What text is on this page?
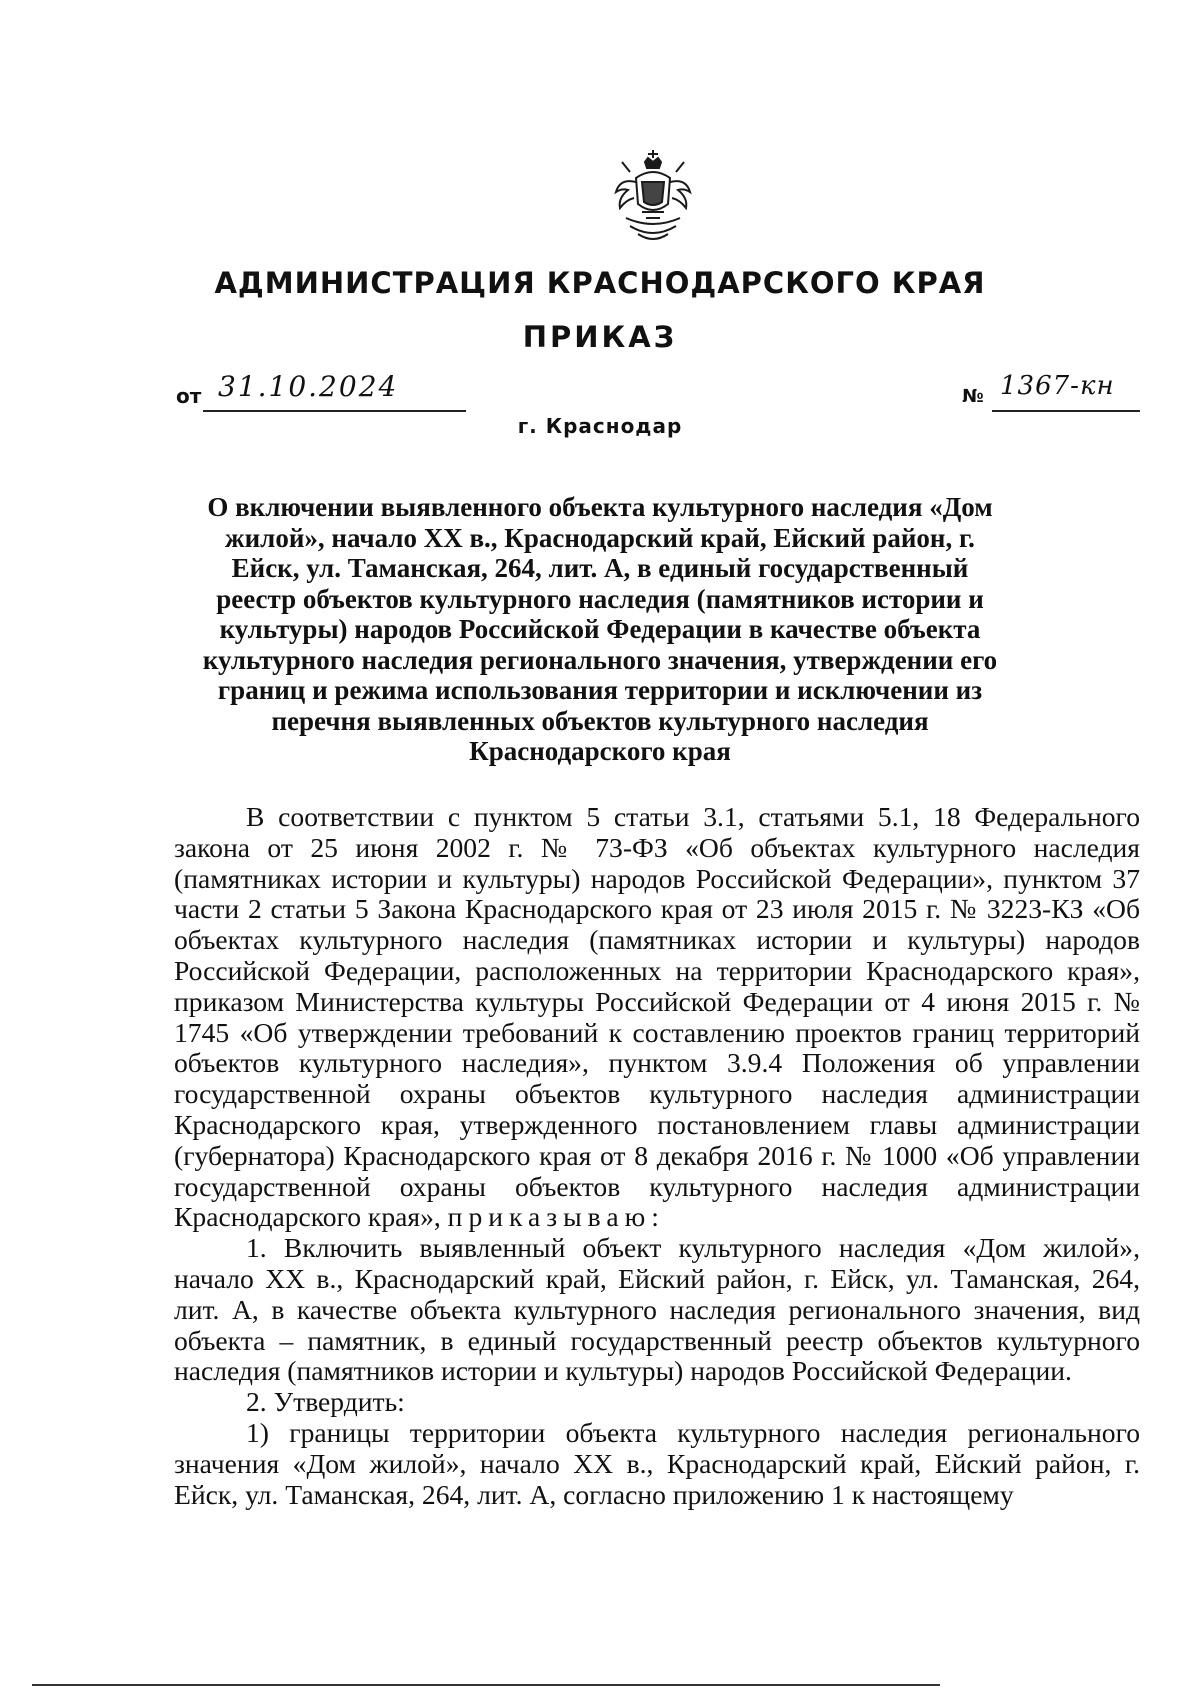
АДМИНИСТРАЦИЯ КРАСНОДАРСКОГО КРАЯ
ПРИКАЗ
от 31.10.2024	№ 1367-кн
г. Краснодар

О включении выявленного объекта культурного наследия «Дом жилой», начало XX в., Краснодарский край, Ейский район, г. Ейск, ул. Таманская, 264, лит. А, в единый государственный реестр объектов культурного наследия (памятников истории и культуры) народов Российской Федерации в качестве объекта культурного наследия регионального значения, утверждении его границ и режима использования территории и исключении из перечня выявленных объектов культурного наследия Краснодарского края

В соответствии с пунктом 5 статьи 3.1, статьями 5.1, 18 Федерального закона от 25 июня 2002 г. № 73-ФЗ «Об объектах культурного наследия (памятниках истории и культуры) народов Российской Федерации», пунктом 37 части 2 статьи 5 Закона Краснодарского края от 23 июля 2015 г. № 3223-КЗ «Об объектах культурного наследия (памятниках истории и культуры) народов Российской Федерации, расположенных на территории Краснодарского края», приказом Министерства культуры Российской Федерации от 4 июня 2015 г. № 1745 «Об утверждении требований к составлению проектов границ территорий объектов культурного наследия», пунктом 3.9.4 Положения об управлении государственной охраны объектов культурного наследия администрации Краснодарского края, утвержденного постановлением главы администрации (губернатора) Краснодарского края от 8 декабря 2016 г. № 1000 «Об управлении государственной охраны объектов культурного наследия администрации Краснодарского края», приказываю:

1. Включить выявленный объект культурного наследия «Дом жилой», начало XX в., Краснодарский край, Ейский район, г. Ейск, ул. Таманская, 264, лит. А, в качестве объекта культурного наследия регионального значения, вид объекта – памятник, в единый государственный реестр объектов культурного наследия (памятников истории и культуры) народов Российской Федерации.

2. Утвердить:

1) границы территории объекта культурного наследия регионального значения «Дом жилой», начало XX в., Краснодарский край, Ейский район, г. Ейск, ул. Таманская, 264, лит. А, согласно приложению 1 к настоящему
